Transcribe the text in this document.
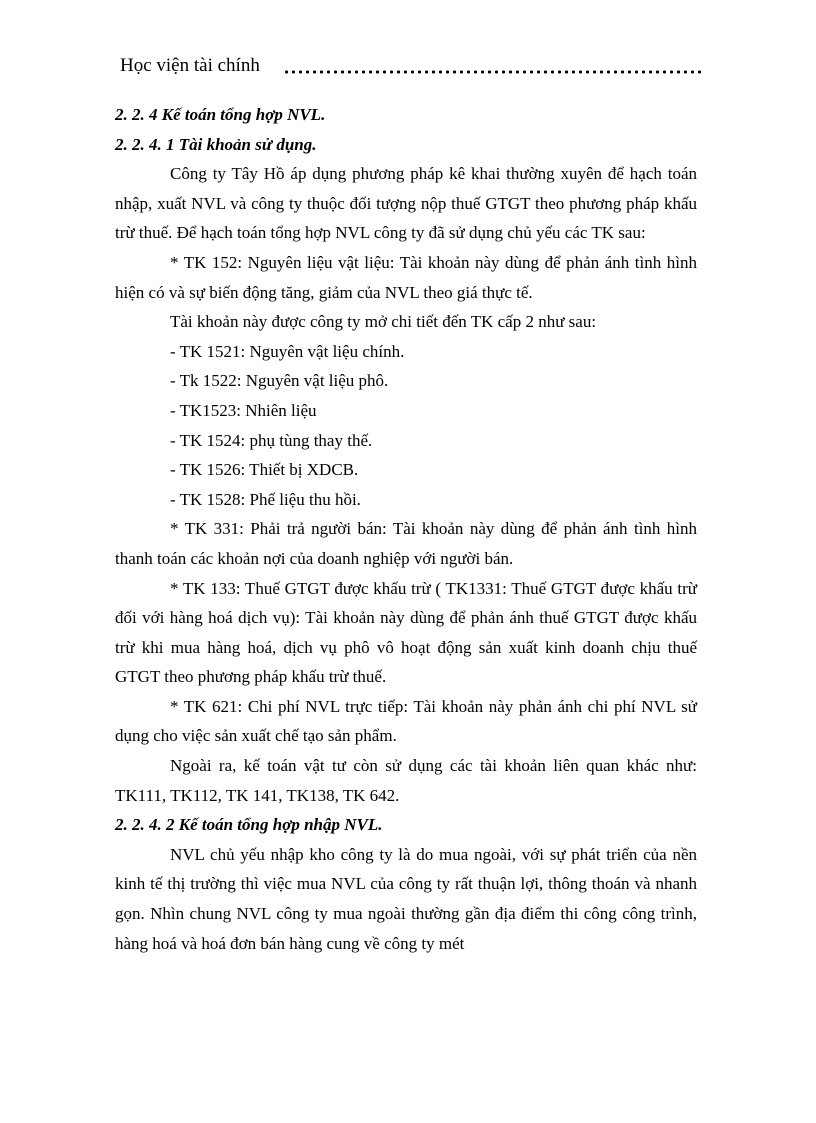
Học viện tài chính

2. 2. 4 Kế toán tổng hợp NVL.

2. 2. 4. 1 Tài khoản sử dụng.

Công ty Tây Hồ áp dụng phương pháp kê khai thường xuyên để hạch toán nhập, xuất NVL và công ty thuộc đối tượng nộp thuế GTGT theo phương pháp khấu trừ thuế. Để hạch toán tổng hợp NVL công ty đã sử dụng chủ yếu các TK sau:

* TK 152: Nguyên liệu vật liệu: Tài khoản này dùng để phản ánh tình hình hiện có và sự biến động tăng, giảm của NVL theo giá thực tế.

Tài khoản này được công ty mở chi tiết đến TK cấp 2 như sau:

- TK 1521: Nguyên vật liệu chính.

- Tk 1522: Nguyên vật liệu phô.

- TK1523: Nhiên liệu

- TK 1524: phụ tùng thay thế.

- TK 1526: Thiết bị XDCB.

- TK 1528: Phế liệu thu hồi.

* TK 331: Phải trả người bán: Tài khoản này dùng để phản ánh tình hình thanh toán các khoản nợi của doanh nghiệp với người bán.

* TK 133: Thuế GTGT được khấu trừ ( TK1331: Thuế GTGT được khấu trừ đối với hàng hoá dịch vụ): Tài khoản này dùng để phản ánh thuế GTGT được khấu trừ khi mua hàng hoá, dịch vụ phô vô hoạt động sản xuất kinh doanh chịu thuế GTGT theo phương pháp khấu trừ thuế.

* TK 621: Chi phí NVL trực tiếp: Tài khoản này phản ánh chi phí NVL sử dụng cho việc sản xuất chế tạo sản phẩm.

Ngoài ra, kế toán vật tư còn sử dụng các tài khoản liên quan khác như: TK111, TK112, TK 141, TK138, TK 642.

2. 2. 4. 2 Kế toán tổng hợp nhập NVL.

NVL chủ yếu nhập kho công ty là do mua ngoài, với sự phát triển của nền kinh tế thị trường thì việc mua NVL của công ty rất thuận lợi, thông thoán và nhanh gọn. Nhìn chung NVL công ty mua ngoài thường gần địa điểm thi công công trình, hàng hoá và hoá đơn bán hàng cung về công ty mét
